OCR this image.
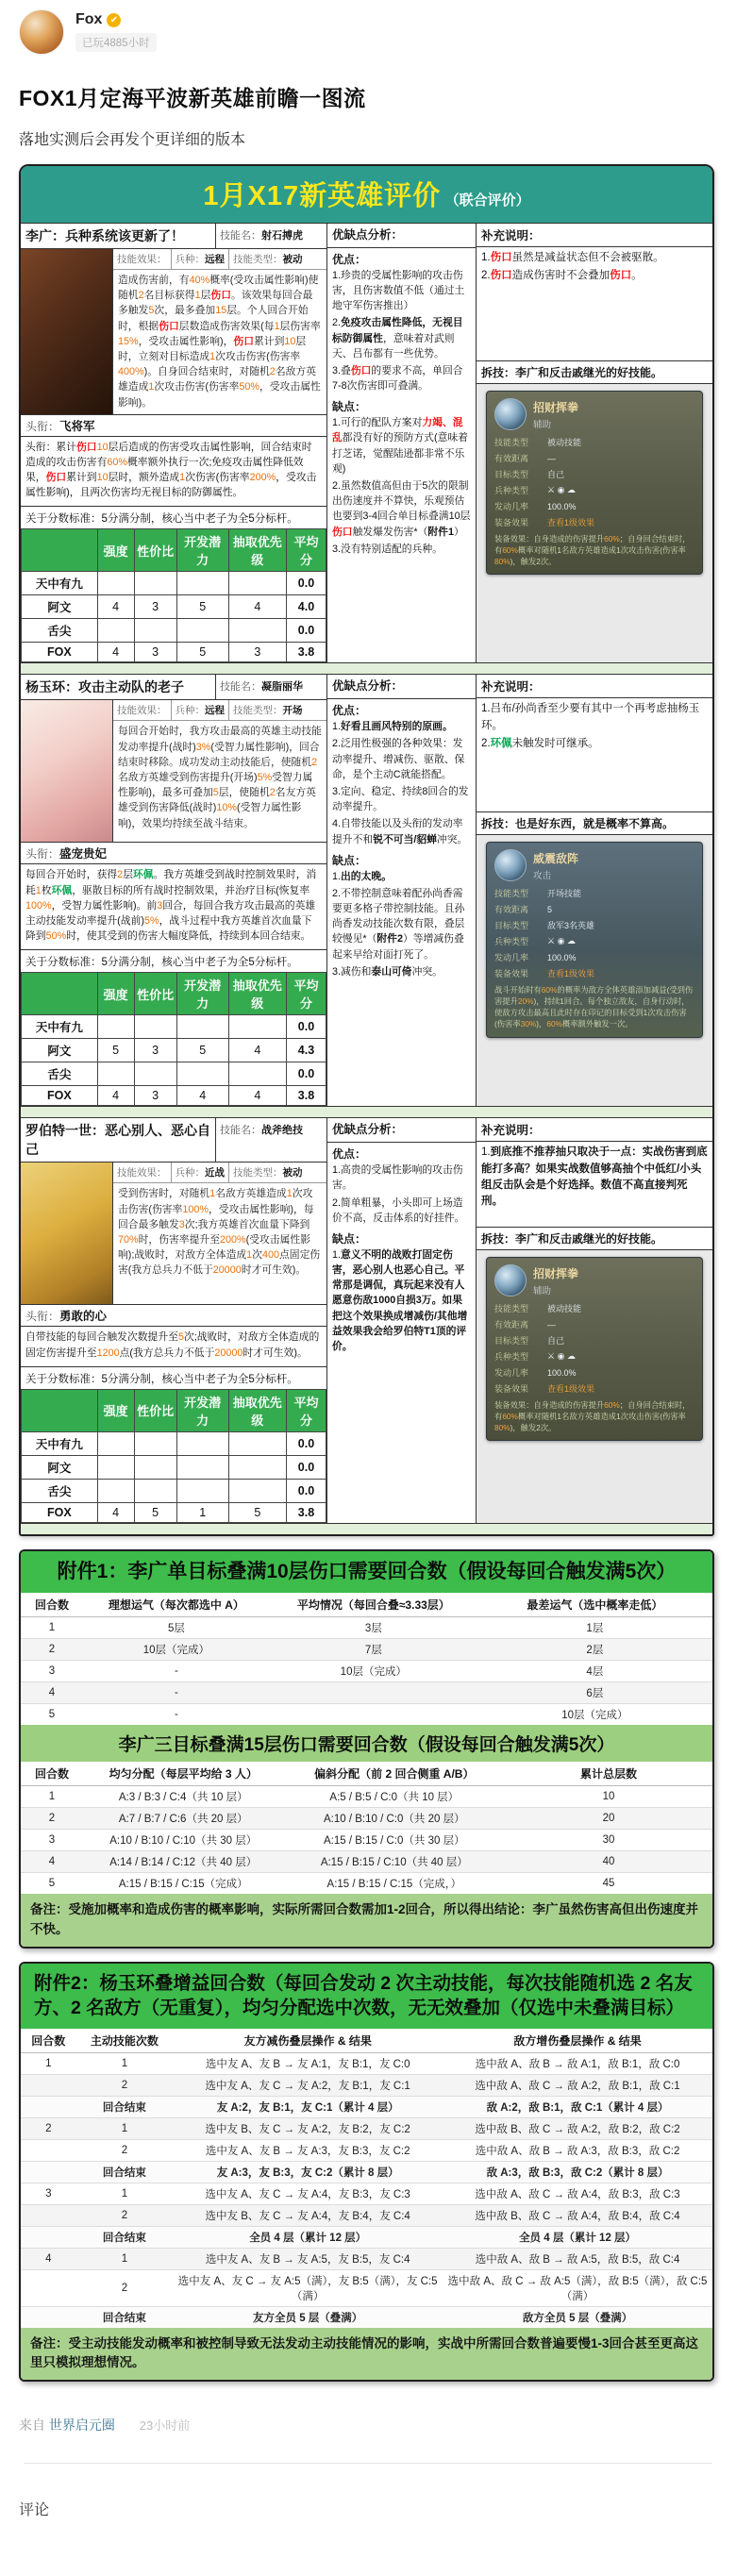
Fox ✔
已玩4885小时
FOX1月定海平波新英雄前瞻一图流
落地实测后会再发个更详细的版本
1月X17新英雄评价 （联合评价）
李广：兵种系统该更新了！	技能名：射石搏虎
技能效果： 兵种：远程 技能类型：被动
造成伤害前，有40%概率(受攻击属性影响)使随机2名目标获得1层伤口。该效果每回合最多触发5次，最多叠加15层。个人回合开始时，根据伤口层数造成伤害效果(每1层伤害率15%，受攻击属性影响)，伤口累计到10层时，立刻对目标造成1次攻击伤害(伤害率400%)。自身回合结束时，对随机2名敌方英雄造成1次攻击伤害(伤害率50%，受攻击属性影响)。
头衔：飞将军
头衔：累计伤口10层后造成的伤害受攻击属性影响，回合结束时造成的攻击伤害有60%概率额外执行一次;免疫攻击属性降低效果，伤口累计到10层时，额外造成1次伤害(伤害率200%，受攻击属性影响)，且两次伤害均无视目标的防御属性。
关于分数标准：5分满分制，核心当中老子为全5分标杆。
	强度	性价比	开发潜力	抽取优先级	平均分
天中有九					0.0
阿文	4	3	5	4	4.0
舌尖					0.0
FOX	4	3	5	3	3.8
优缺点分析：
优点：
1.珍贵的受属性影响的攻击伤害，且伤害数值不低（通过土地守军伤害推出）
2.免疫攻击属性降低，无视目标防御属性，意味着对武则天、吕布都有一些优势。
3.叠伤口的要求不高，单回合7-8次伤害即可叠满。
缺点：
1.可行的配队方案对力竭、混乱都没有好的预防方式(意味着打芝诺，觉醒陆逊都非常不乐观)
2.虽然数值高但由于5次的限制出伤速度并不算快，乐观预估也要到3-4回合单目标叠满10层伤口触发爆发伤害*（附件1）
3.没有特别适配的兵种。
补充说明：
1.伤口虽然是减益状态但不会被驱散。
2.伤口造成伤害时不会叠加伤口。
拆技：李广和反击戚继光的好技能。
招财挥拳
辅助
技能类型	被动技能
有效距离	—
目标类型	自己
兵种类型	⚔ ◉ ☁
发动几率	100.0%
装备效果	查看1级效果
装备效果：自身造成的伤害提升60%；自身回合结束时，有60%概率对随机1名敌方英雄造成1次攻击伤害(伤害率80%)，触发2次。
杨玉环：攻击主动队的老子	技能名：凝脂丽华
技能效果： 兵种：远程 技能类型：开场
每回合开始时，我方攻击最高的英雄主动技能发动率提升(战时)3%(受智力属性影响)，回合结束时移除。成功发动主动技能后，使随机2名敌方英雄受到伤害提升(开场)5%受智力属性影响)，最多可叠加5层，使随机2名友方英雄受到伤害降低(战时)10%(受智力属性影响)，效果均持续至战斗结束。
头衔：盛宠贵妃
每回合开始时，获得2层环佩。我方英雄受到战时控制效果时，消耗1枚环佩，驱散目标的所有战时控制效果，并治疗目标(恢复率100%，受智力属性影响)。前3回合，每回合我方攻击最高的英雄主动技能发动率提升(战前)5%，战斗过程中我方英雄首次血量下降到50%时，使其受到的伤害大幅度降低，持续到本回合结束。
关于分数标准：5分满分制，核心当中老子为全5分标杆。
	强度	性价比	开发潜力	抽取优先级	平均分
天中有九					0.0
阿文	5	3	5	4	4.3
舌尖					0.0
FOX	4	3	4	4	3.8
优缺点分析：
优点：
1.好看且画风特别的原画。
2.泛用性极强的各种效果：发动率提升、增减伤、驱散、保命，是个主动C就能搭配。
3.定向、稳定、持续8回合的发动率提升。
4.自带技能以及头衔的发动率提升不和锐不可当/貂蝉冲突。
缺点：
1.出的太晚。
2.不带控制意味着配孙尚香需要更多格子带控制技能。且孙尚香发动技能次数有限，叠层较慢见*（附件2）等增减伤叠起来早给对面打死了。
3.减伤和泰山可倚冲突。
补充说明：
1.吕布/孙尚香至少要有其中一个再考虑抽杨玉环。
2.环佩未触发时可继承。
拆技：也是好东西，就是概率不算高。
威震敌阵
攻击
技能类型	开场技能
有效距离	5
目标类型	敌军3名英雄
兵种类型	⚔ ◉ ☁
发动几率	100.0%
装备效果	查看1级效果
战斗开始时有60%的概率为敌方全体英雄添加减益(受到伤害提升20%)，持续1回合。每个独立敌友，自身行动时，使敌方攻击最高且此时存在印记的目标受到1次攻击伤害(伤害率30%)，60%概率额外触发一次。
罗伯特一世：恶心别人、恶心自己
技能名：战斧绝技
技能效果： 兵种：近战 技能类型：被动
受到伤害时，对随机1名敌方英雄造成1次攻击伤害(伤害率100%，受攻击属性影响)，每回合最多触发3次;我方英雄首次血量下降到70%时，伤害率提升至200%(受攻击属性影响);战败时，对敌方全体造成1次400点固定伤害(我方总兵力不低于20000时才可生效)。
头衔：勇敢的心
自带技能的每回合触发次数提升至5次;战败时，对敌方全体造成的固定伤害提升至1200点(我方总兵力不低于20000时才可生效)。
关于分数标准：5分满分制，核心当中老子为全5分标杆。
	强度	性价比	开发潜力	抽取优先级	平均分
天中有九					0.0
阿文					0.0
舌尖					0.0
FOX	4	5	1	5	3.8
优缺点分析：
优点：
1.高贵的受属性影响的攻击伤害。
2.简单粗暴，小头即可上场造价不高，反击体系的好挂件。
缺点：
1.意义不明的战败打固定伤害，恶心别人也恶心自己。平常那是调侃，真玩起来没有人愿意伤敌1000自损3万。如果把这个效果换成增减伤/其他增益效果我会给罗伯特T1顶的评价。
补充说明：
1.到底推不推荐抽只取决于一点：实战伤害到底能打多高？如果实战数值够高抽个中低红/小头组反击队会是个好选择。数值不高直接判死刑。
拆技：李广和反击戚继光的好技能。
招财挥拳
辅助
技能类型	被动技能
有效距离	—
目标类型	自己
兵种类型	⚔ ◉ ☁
发动几率	100.0%
装备效果	查看1级效果
装备效果：自身造成的伤害提升60%；自身回合结束时，有60%概率对随机1名敌方英雄造成1次攻击伤害(伤害率80%)，触发2次。
附件1：李广单目标叠满10层伤口需要回合数（假设每回合触发满5次）
回合数	理想运气（每次都选中 A）	平均情况（每回合叠≈3.33层）	最差运气（选中概率走低）
1	5层	3层	1层
2	10层（完成）	7层	2层
3	-	10层（完成）	4层
4	-		6层
5	-		10层（完成）
李广三目标叠满15层伤口需要回合数（假设每回合触发满5次）
回合数	均匀分配（每层平均给 3 人）	偏斜分配（前 2 回合侧重 A/B）	累计总层数
1	A:3 / B:3 / C:4（共 10 层）	A:5 / B:5 / C:0（共 10 层）	10
2	A:7 / B:7 / C:6（共 20 层）	A:10 / B:10 / C:0（共 20 层）	20
3	A:10 / B:10 / C:10（共 30 层）	A:15 / B:15 / C:0（共 30 层）	30
4	A:14 / B:14 / C:12（共 40 层）	A:15 / B:15 / C:10（共 40 层）	40
5	A:15 / B:15 / C:15（完成）	A:15 / B:15 / C:15（完成，）	45
备注：受施加概率和造成伤害的概率影响，实际所需回合数需加1-2回合，所以得出结论：李广虽然伤害高但出伤速度并不快。
附件2：杨玉环叠增益回合数（每回合发动 2 次主动技能，每次技能随机选 2 名友方、2 名敌方（无重复），均匀分配选中次数，无无效叠加（仅选中未叠满目标）
回合数	主动技能次数	友方减伤叠层操作 & 结果	敌方增伤叠层操作 & 结果
1	1	选中友 A、友 B → 友 A:1，友 B:1，友 C:0	选中敌 A、敌 B → 敌 A:1，敌 B:1，敌 C:0
	2	选中友 A、友 C → 友 A:2，友 B:1，友 C:1	选中敌 A、敌 C → 敌 A:2，敌 B:1，敌 C:1
	回合结束	友 A:2，友 B:1，友 C:1（累计 4 层）	敌 A:2，敌 B:1，敌 C:1（累计 4 层）
2	1	选中友 B、友 C → 友 A:2，友 B:2，友 C:2	选中敌 B、敌 C → 敌 A:2，敌 B:2，敌 C:2
	2	选中友 A、友 B → 友 A:3，友 B:3，友 C:2	选中敌 A、敌 B → 敌 A:3，敌 B:3，敌 C:2
	回合结束	友 A:3，友 B:3，友 C:2（累计 8 层）	敌 A:3，敌 B:3，敌 C:2（累计 8 层）
3	1	选中友 A、友 C → 友 A:4，友 B:3，友 C:3	选中敌 A、敌 C → 敌 A:4，敌 B:3，敌 C:3
	2	选中友 B、友 C → 友 A:4，友 B:4，友 C:4	选中敌 B、敌 C → 敌 A:4，敌 B:4，敌 C:4
	回合结束	全员 4 层（累计 12 层）	全员 4 层（累计 12 层）
4	1	选中友 A、友 B → 友 A:5，友 B:5，友 C:4	选中敌 A、敌 B → 敌 A:5，敌 B:5，敌 C:4
	2	选中友 A、友 C → 友 A:5（满），友 B:5（满），友 C:5（满）	选中敌 A、敌 C → 敌 A:5（满），敌 B:5（满），敌 C:5（满）
	回合结束	友方全员 5 层（叠满）	敌方全员 5 层（叠满）
备注：受主动技能发动概率和被控制导致无法发动主动技能情况的影响，实战中所需回合数普遍要慢1-3回合甚至更高这里只模拟理想情况。
来自 世界启元圈 23小时前
评论
